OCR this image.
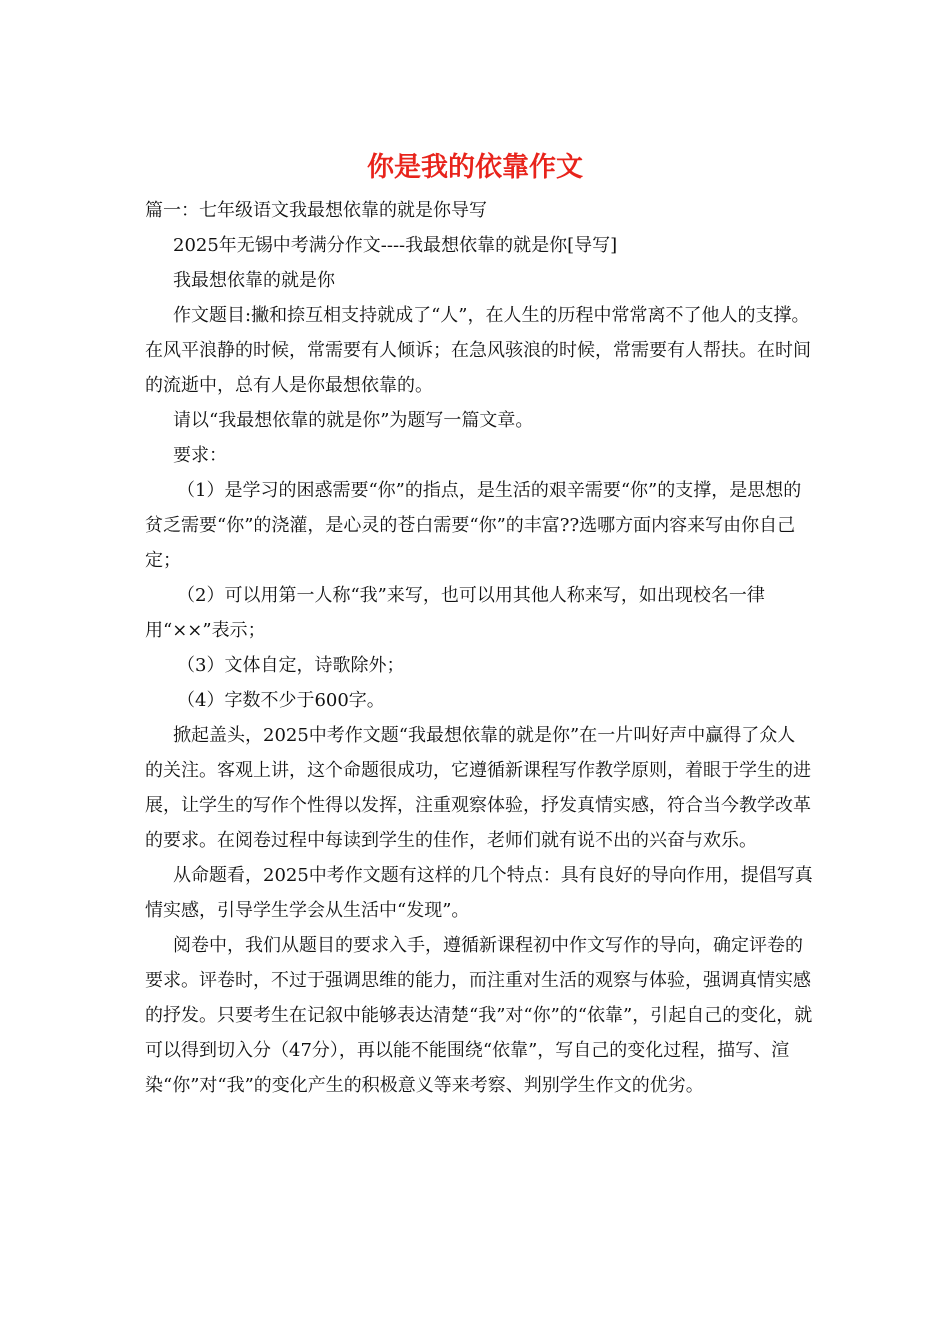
你是我的依靠作文

篇一：七年级语文我最想依靠的就是你导写

2025年无锡中考满分作文----我最想依靠的就是你[导写]

我最想依靠的就是你

作文题目:撇和捺互相支持就成了“人”，在人生的历程中常常离不了他人的支撑。在风平浪静的时候，常需要有人倾诉；在急风骇浪的时候，常需要有人帮扶。在时间的流逝中，总有人是你最想依靠的。

请以“我最想依靠的就是你”为题写一篇文章。

要求：

（1）是学习的困惑需要“你”的指点，是生活的艰辛需要“你”的支撑，是思想的贫乏需要“你”的浇灌，是心灵的苍白需要“你”的丰富??选哪方面内容来写由你自己定；

（2）可以用第一人称“我”来写，也可以用其他人称来写，如出现校名一律用“××”表示；

（3）文体自定，诗歌除外；

（4）字数不少于600字。

掀起盖头，2025中考作文题“我最想依靠的就是你”在一片叫好声中赢得了众人的关注。客观上讲，这个命题很成功，它遵循新课程写作教学原则，着眼于学生的进展，让学生的写作个性得以发挥，注重观察体验，抒发真情实感，符合当今教学改革的要求。在阅卷过程中每读到学生的佳作，老师们就有说不出的兴奋与欢乐。

从命题看，2025中考作文题有这样的几个特点：具有良好的导向作用，提倡写真情实感，引导学生学会从生活中“发现”。

阅卷中，我们从题目的要求入手，遵循新课程初中作文写作的导向，确定评卷的要求。评卷时，不过于强调思维的能力，而注重对生活的观察与体验，强调真情实感的抒发。只要考生在记叙中能够表达清楚“我”对“你”的“依靠”，引起自己的变化，就可以得到切入分（47分），再以能不能围绕“依靠”，写自己的变化过程，描写、渲染“你”对“我”的变化产生的积极意义等来考察、判别学生作文的优劣。
